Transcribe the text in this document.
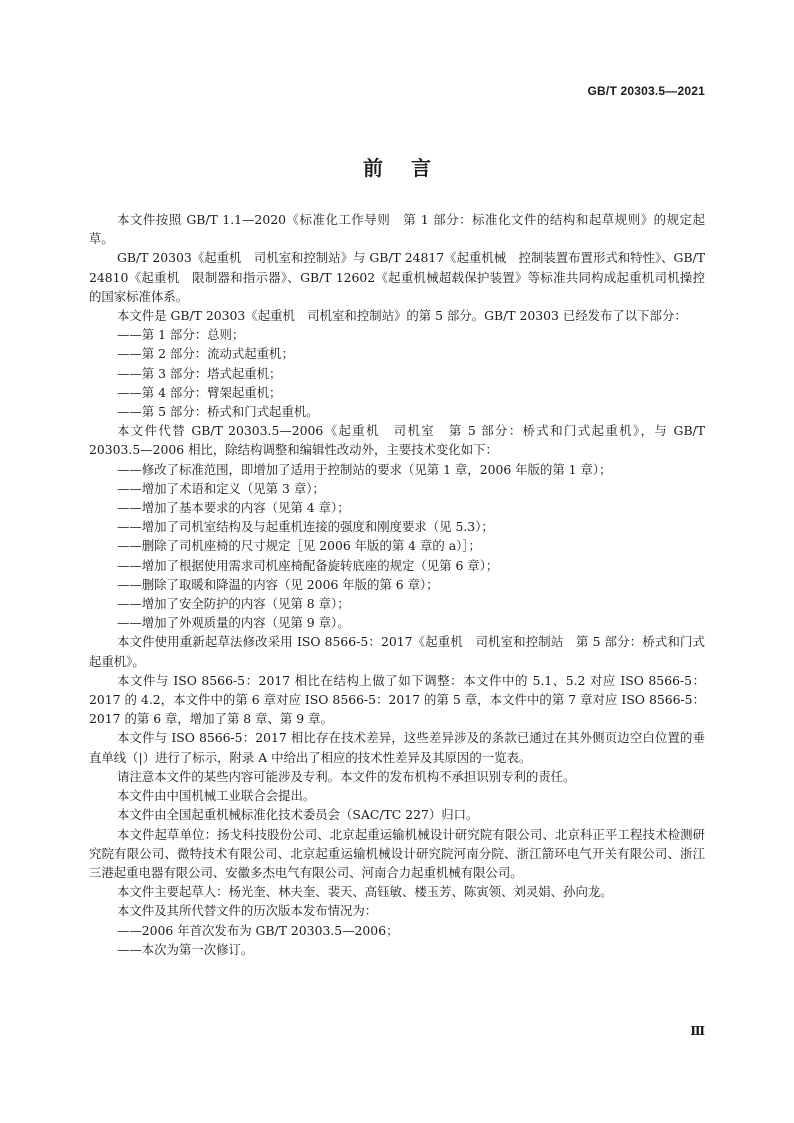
GB/T 20303.5—2021
前言

本文件按照 GB/T 1.1—2020《标准化工作导则　第 1 部分：标准化文件的结构和起草规则》的规定起草。

GB/T 20303《起重机　司机室和控制站》与 GB/T 24817《起重机械　控制装置布置形式和特性》、GB/T 24810《起重机　限制器和指示器》、GB/T 12602《起重机械超载保护装置》等标准共同构成起重机司机操控的国家标准体系。

本文件是 GB/T 20303《起重机　司机室和控制站》的第 5 部分。GB/T 20303 已经发布了以下部分：

——第 1 部分：总则；

——第 2 部分：流动式起重机；

——第 3 部分：塔式起重机；

——第 4 部分：臂架起重机；

——第 5 部分：桥式和门式起重机。

本文件代替 GB/T 20303.5—2006《起重机　司机室　第 5 部分：桥式和门式起重机》，与 GB/T 20303.5—2006 相比，除结构调整和编辑性改动外，主要技术变化如下：

——修改了标准范围，即增加了适用于控制站的要求（见第 1 章，2006 年版的第 1 章）；

——增加了术语和定义（见第 3 章）；

——增加了基本要求的内容（见第 4 章）；

——增加了司机室结构及与起重机连接的强度和刚度要求（见 5.3）；

——删除了司机座椅的尺寸规定［见 2006 年版的第 4 章的 a）］；

——增加了根据使用需求司机座椅配备旋转底座的规定（见第 6 章）；

——删除了取暖和降温的内容（见 2006 年版的第 6 章）；

——增加了安全防护的内容（见第 8 章）；

——增加了外观质量的内容（见第 9 章）。

本文件使用重新起草法修改采用 ISO 8566-5：2017《起重机　司机室和控制站　第 5 部分：桥式和门式起重机》。

本文件与 ISO 8566-5：2017 相比在结构上做了如下调整：本文件中的 5.1、5.2 对应 ISO 8566-5：2017 的 4.2，本文件中的第 6 章对应 ISO 8566-5：2017 的第 5 章，本文件中的第 7 章对应 ISO 8566-5：2017 的第 6 章，增加了第 8 章、第 9 章。

本文件与 ISO 8566-5：2017 相比存在技术差异，这些差异涉及的条款已通过在其外侧页边空白位置的垂直单线（|）进行了标示，附录 A 中给出了相应的技术性差异及其原因的一览表。

请注意本文件的某些内容可能涉及专利。本文件的发布机构不承担识别专利的责任。

本文件由中国机械工业联合会提出。

本文件由全国起重机械标准化技术委员会（SAC/TC 227）归口。

本文件起草单位：扬戈科技股份公司、北京起重运输机械设计研究院有限公司、北京科正平工程技术检测研究院有限公司、微特技术有限公司、北京起重运输机械设计研究院河南分院、浙江箭环电气开关有限公司、浙江三港起重电器有限公司、安徽多杰电气有限公司、河南合力起重机械有限公司。

本文件主要起草人：杨光奎、林夫奎、裴天、高钰敏、楼玉芳、陈寅领、刘灵娟、孙向龙。

本文件及其所代替文件的历次版本发布情况为：

——2006 年首次发布为 GB/T 20303.5—2006；

——本次为第一次修订。

Ⅲ
